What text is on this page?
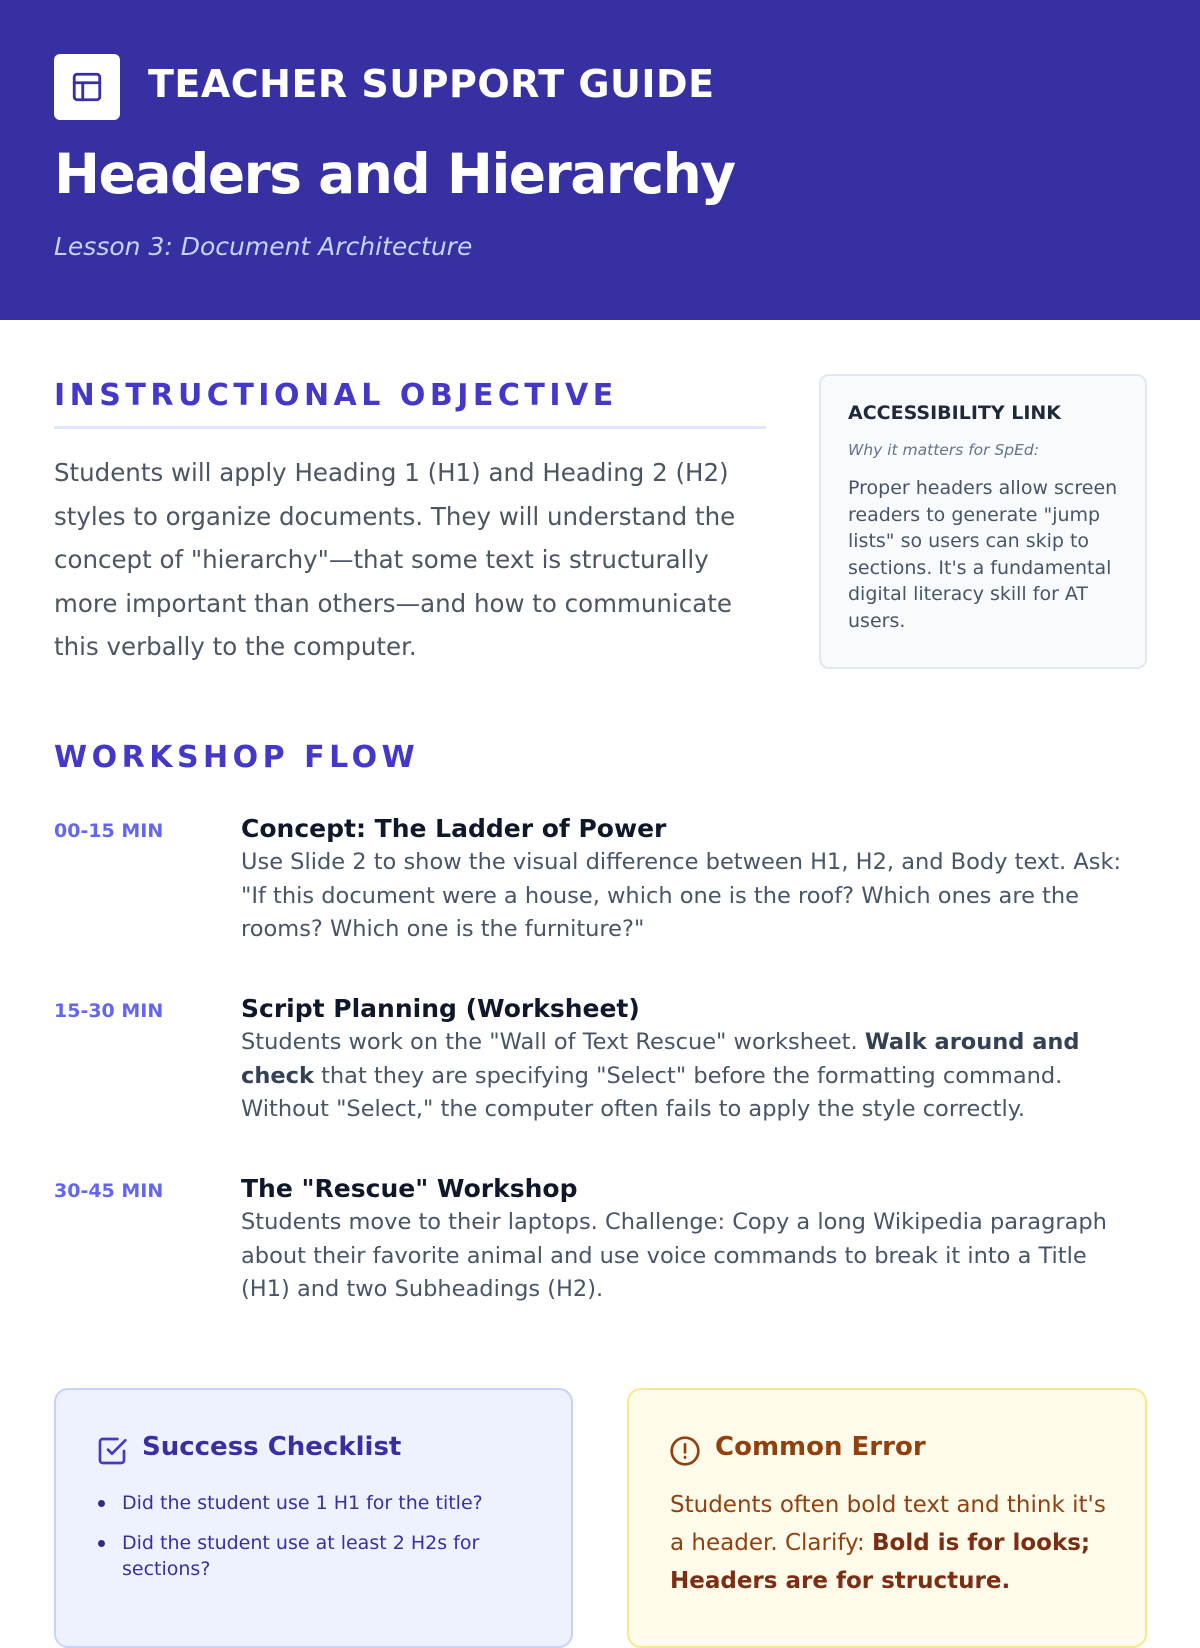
TEACHER SUPPORT GUIDE
Headers and Hierarchy
Lesson 3: Document Architecture
INSTRUCTIONAL OBJECTIVE

Students will apply Heading 1 (H1) and Heading 2 (H2) styles to organize documents. They will understand the concept of "hierarchy"—that some text is structurally more important than others—and how to communicate this verbally to the computer.

ACCESSIBILITY LINK
Why it matters for SpEd:

Proper headers allow screen readers to generate "jump lists" so users can skip to sections. It's a fundamental digital literacy skill for AT users.

WORKSHOP FLOW
00-15 MIN	Concept: The Ladder of Power

Use Slide 2 to show the visual difference between H1, H2, and Body text. Ask: "If this document were a house, which one is the roof? Which ones are the rooms? Which one is the furniture?"

15-30 MIN	Script Planning (Worksheet)

Students work on the "Wall of Text Rescue" worksheet. Walk around and check that they are specifying "Select" before the formatting command. Without "Select," the computer often fails to apply the style correctly.

30-45 MIN	The "Rescue" Workshop

Students move to their laptops. Challenge: Copy a long Wikipedia paragraph about their favorite animal and use voice commands to break it into a Title (H1) and two Subheadings (H2).

Success Checklist
Did the student use 1 H1 for the title?
Did the student use at least 2 H2s for sections?
Common Error

Students often bold text and think it's a header. Clarify: Bold is for looks; Headers are for structure.
